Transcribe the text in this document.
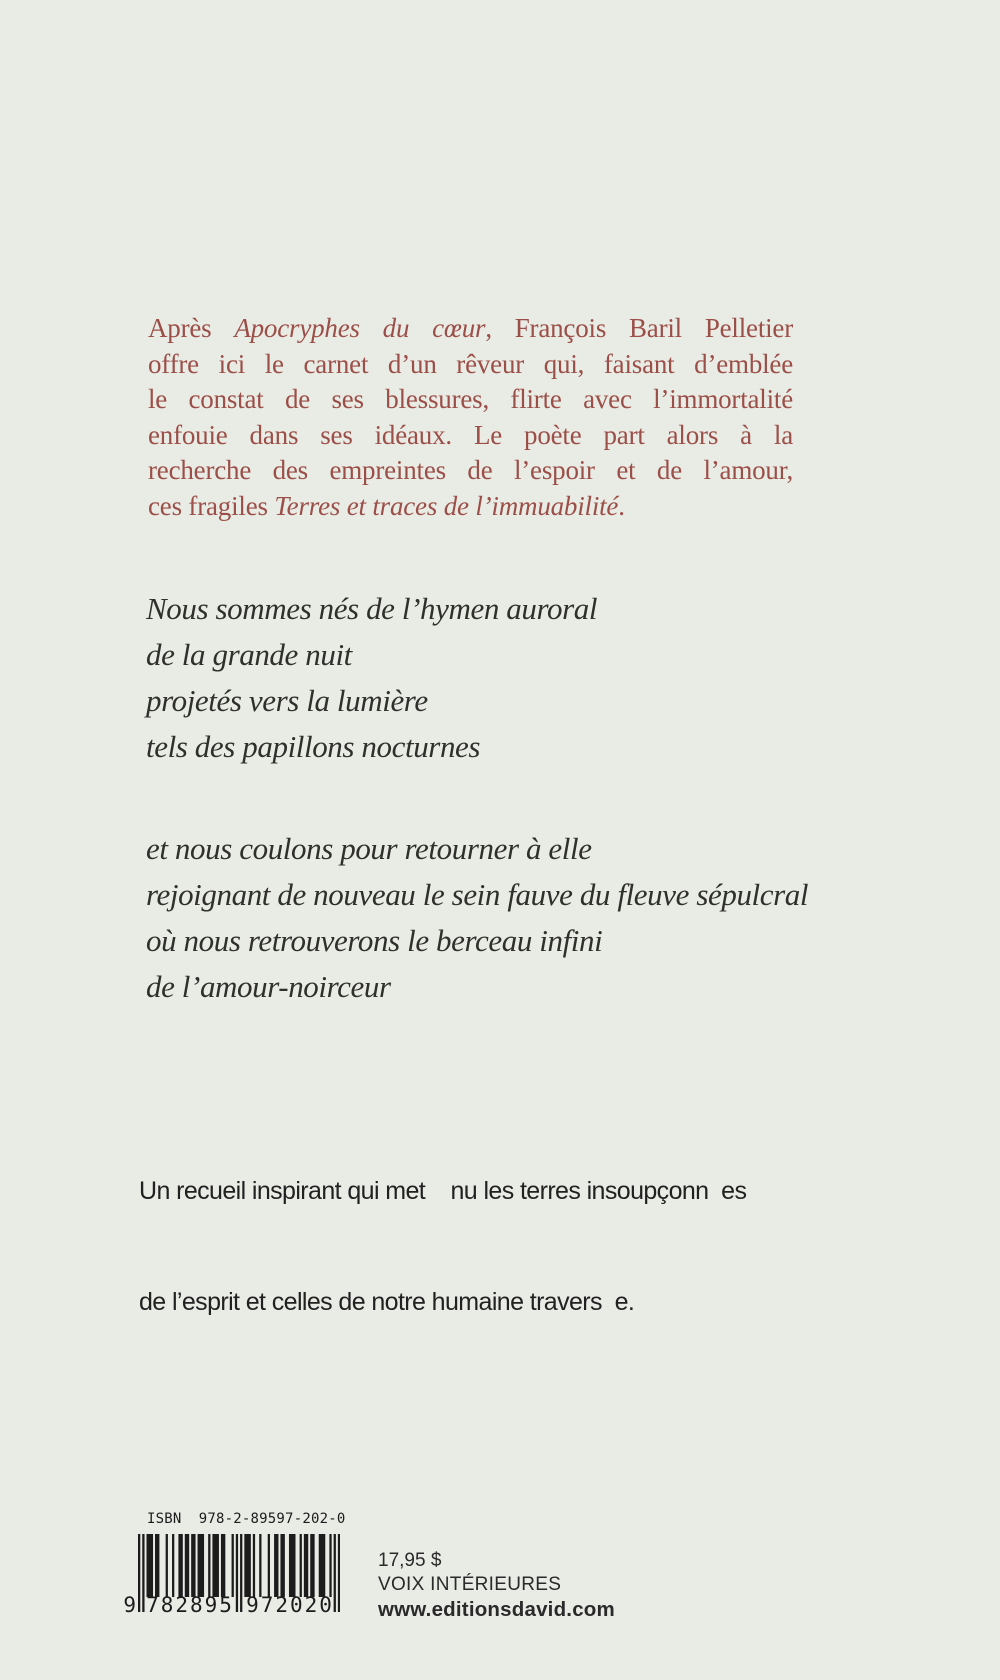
Après Apocryphes du cœur, François Baril Pelletier
offre ici le carnet d’un rêveur qui, faisant d’emblée
le constat de ses blessures, flirte avec l’immortalité
enfouie dans ses idéaux. Le poète part alors à la
recherche des empreintes de l’espoir et de l’amour,
ces fragiles Terres et traces de l’immuabilité.
Nous sommes nés de l’hymen auroral
de la grande nuit
projetés vers la lumière
tels des papillons nocturnes
et nous coulons pour retourner à elle
rejoignant de nouveau le sein fauve du fleuve sépulcral
où nous retrouverons le berceau infini
de l’amour-noirceur

Un recueil inspirant qui met    nu les terres insoupçonn  es

de l’esprit et celles de notre humaine travers  e.

ISBN  978-2-89597-202-0
9 782895 972020
17,95 $
VOIX INTÉRIEURES
www.editionsdavid.com
